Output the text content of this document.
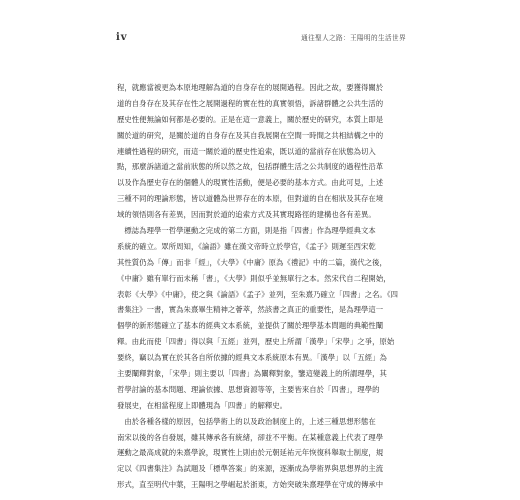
iv	通往聖人之路：王陽明的生活世界
程，就應當被更為本原地理解為道的自身存在的展開過程。因此之故，要獲得關於
道的自身存在及其存在性之展開過程的實在性的真實領悟，訴諸群體之公共生活的
歷史性便無論如何都是必要的。正是在這一意義上，關於歷史的研究，本質上即是
關於道的研究，是關於道的自身存在及其自我展開在空間一時間之共相結構之中的
連續性過程的研究，而這一關於道的歷史性追索，既以道的當前存在狀態為切入
點，那麼訴諸道之當前狀態的所以然之故，包括群體生活之公共制度的過程性沿革
以及作為歷史存在的個體人的現實性活動，便是必要的基本方式。由此可見，上述
三種不同的理論形態，皆以道體為世界存在的本原，但對道的自在相狀及其存在境
域的領悟則各有差異，因而對於道的追索方式及其實現路徑的建構也各有差異。
　標誌為理學一哲學運動之完成的第二方面，則是指「四書」作為理學經典文本
系統的確立。眾所周知，《論語》雖在漢文帝時立於學官，《孟子》則遲至西宋乾
其性質仍為「傳」而非「經」，《大學》《中庸》原為《禮記》中的二篇，漢代之後，
《中庸》雖有單行而未稱「書」，《大學》則似乎並無單行之本。然宋代自二程開始，
表彰《大學》《中庸》，使之與《論語》《孟子》並列，至朱熹乃確立「四書」之名。《四
書集注》一書，實為朱熹畢生精神之薈萃，然該書之真正的重要性，是為理學這一
個學的新形態確立了基本的經典文本系統，並提供了關於理學基本問題的典範性闡
釋。由此而使「四書」得以與「五經」並列，歷史上所謂「漢學」「宋學」之爭，原始
要終，竊以為實在於其各自所依據的經典文本系統原本有異。「漢學」以「五經」為
主要闡釋對象，「宋學」則主要以「四書」為闡釋對象，鑒這變義上的所謂理學，其
哲學討論的基本問題、理論依據、思想資源等等，主要皆來自於「四書」，理學的
發展史，在相當程度上即體現為「四書」的解釋史。
　由於各種各樣的原因，包括學術上的以及政治制度上的，上述三種思想形態在
南宋以後的各自發展，雖其傳承各有統緒，卻並不平衡。在某種意義上代表了理學
運動之最高成就的朱熹學說，現實性上則由於元朝延祐元年恢復科舉取士制度，規
定以《四書集注》為試題及「標準答案」的來源，逐漸成為學術界與思想界的主流
形式，直至明代中葉，王陽明之學崛起於浙東，方始突破朱熹理學在守成的傳承中
